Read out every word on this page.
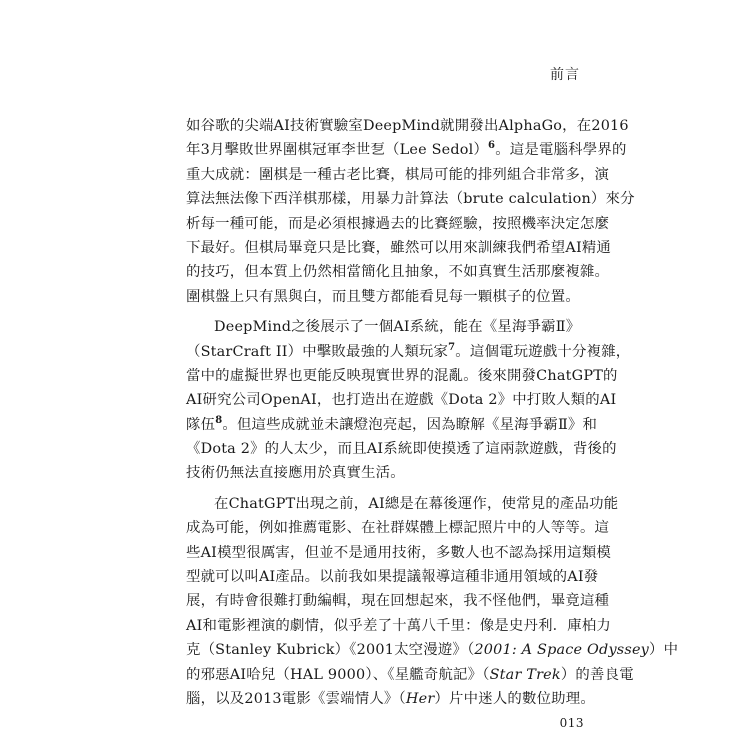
前言
如谷歌的尖端AI技術實驗室DeepMind就開發出AlphaGo，在2016
年3月擊敗世界圍棋冠軍李世乭（Lee Sedol）$^6$。這是電腦科學界的
重大成就：圍棋是一種古老比賽，棋局可能的排列組合非常多，演
算法無法像下西洋棋那樣，用暴力計算法（brute calculation）來分
析每一種可能，而是必須根據過去的比賽經驗，按照機率決定怎麼
下最好。但棋局畢竟只是比賽，雖然可以用來訓練我們希望AI精通
的技巧，但本質上仍然相當簡化且抽象，不如真實生活那麼複雜。
圍棋盤上只有黑與白，而且雙方都能看見每一顆棋子的位置。
DeepMind之後展示了一個AI系統，能在《星海爭霸Ⅱ》
（StarCraft II）中擊敗最強的人類玩家$^7$。這個電玩遊戲十分複雜，
當中的虛擬世界也更能反映現實世界的混亂。後來開發ChatGPT的
AI研究公司OpenAI，也打造出在遊戲《Dota 2》中打敗人類的AI
隊伍$^8$。但這些成就並未讓燈泡亮起，因為瞭解《星海爭霸Ⅱ》和
《Dota 2》的人太少，而且AI系統即使摸透了這兩款遊戲，背後的
技術仍無法直接應用於真實生活。
在ChatGPT出現之前，AI總是在幕後運作，使常見的產品功能
成為可能，例如推薦電影、在社群媒體上標記照片中的人等等。這
些AI模型很厲害，但並不是通用技術，多數人也不認為採用這類模
型就可以叫AI產品。以前我如果提議報導這種非通用領域的AI發
展，有時會很難打動編輯，現在回想起來，我不怪他們，畢竟這種
AI和電影裡演的劇情，似乎差了十萬八千里：像是史丹利．庫柏力
克（Stanley Kubrick）《2001太空漫遊》（2001: A Space Odyssey）中
的邪惡AI哈兒（HAL 9000）、《星艦奇航記》（Star Trek）的善良電
腦，以及2013電影《雲端情人》（Her）片中迷人的數位助理。
013
